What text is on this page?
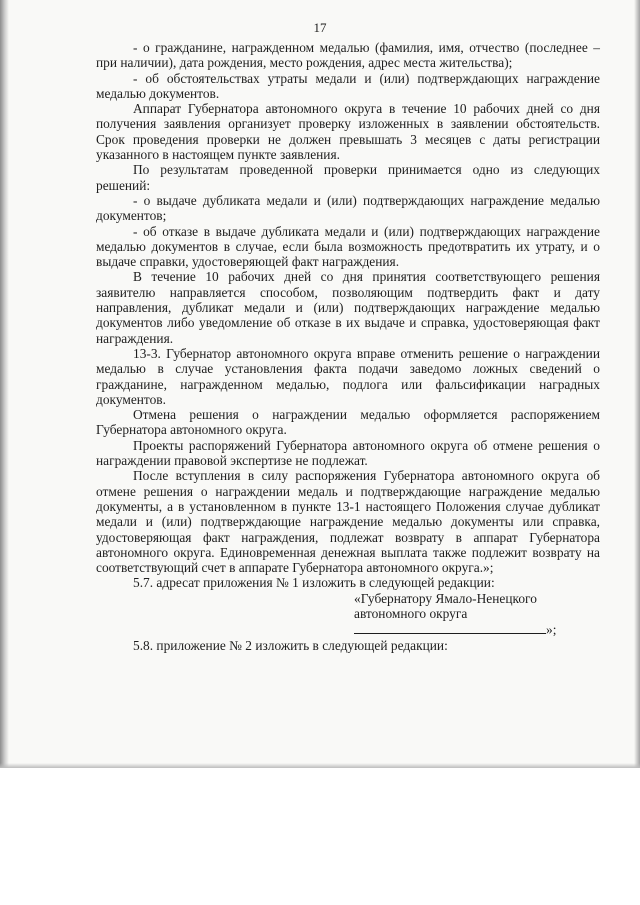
17

- о гражданине, награжденном медалью (фамилия, имя, отчество (последнее – при наличии), дата рождения, место рождения, адрес места жительства);

- об обстоятельствах утраты медали и (или) подтверждающих награждение медалью документов.

Аппарат Губернатора автономного округа в течение 10 рабочих дней со дня получения заявления организует проверку изложенных в заявлении обстоятельств. Срок проведения проверки не должен превышать 3 месяцев с даты регистрации указанного в настоящем пункте заявления.

По результатам проведенной проверки принимается одно из следующих решений:

- о выдаче дубликата медали и (или) подтверждающих награждение медалью документов;

- об отказе в выдаче дубликата медали и (или) подтверждающих награждение медалью документов в случае, если была возможность предотвратить их утрату, и о выдаче справки, удостоверяющей факт награждения.

В течение 10 рабочих дней со дня принятия соответствующего решения заявителю направляется способом, позволяющим подтвердить факт и дату направления, дубликат медали и (или) подтверждающих награждение медалью документов либо уведомление об отказе в их выдаче и справка, удостоверяющая факт награждения.

13-3. Губернатор автономного округа вправе отменить решение о награждении медалью в случае установления факта подачи заведомо ложных сведений о гражданине, награжденном медалью, подлога или фальсификации наградных документов.

Отмена решения о награждении медалью оформляется распоряжением Губернатора автономного округа.

Проекты распоряжений Губернатора автономного округа об отмене решения о награждении правовой экспертизе не подлежат.

После вступления в силу распоряжения Губернатора автономного округа об отмене решения о награждении медаль и подтверждающие награждение медалью документы, а в установленном в пункте 13-1 настоящего Положения случае дубликат медали и (или) подтверждающие награждение медалью документы или справка, удостоверяющая факт награждения, подлежат возврату в аппарат Губернатора автономного округа. Единовременная денежная выплата также подлежит возврату на соответствующий счет в аппарате Губернатора автономного округа.»;

5.7. адресат приложения № 1 изложить в следующей редакции:

«Губернатору Ямало-Ненецкого
автономного округа
»;

5.8. приложение № 2 изложить в следующей редакции:
